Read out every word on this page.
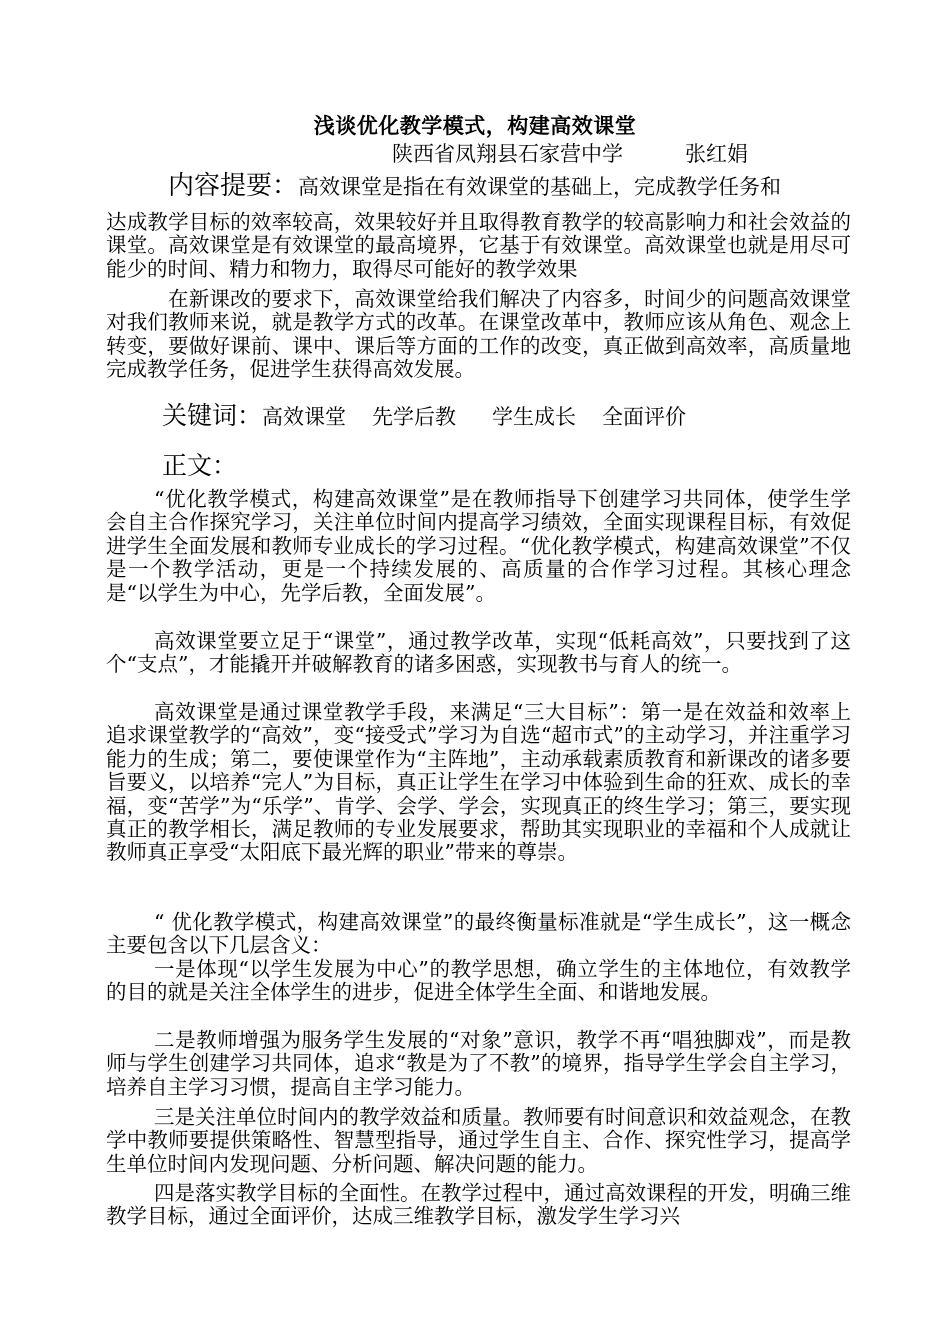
浅谈优化教学模式，构建高效课堂
陕西省凤翔县石家营中学	张红娟
内容提要：高效课堂是指在有效课堂的基础上，完成教学任务和

达成教学目标的效率较高，效果较好并且取得教育教学的较高影响力和社会效益的课堂。高效课堂是有效课堂的最高境界，它基于有效课堂。高效课堂也就是用尽可能少的时间、精力和物力，取得尽可能好的教学效果

在新课改的要求下，高效课堂给我们解决了内容多，时间少的问题高效课堂对我们教师来说，就是教学方式的改革。在课堂改革中，教师应该从角色、观念上转变，要做好课前、课中、课后等方面的工作的改变，真正做到高效率，高质量地完成教学任务，促进学生获得高效发展。

关键词：高效课堂 先学后教 学生成长 全面评价
正文：

“优化教学模式，构建高效课堂”是在教师指导下创建学习共同体，使学生学会自主合作探究学习，关注单位时间内提高学习绩效，全面实现课程目标，有效促进学生全面发展和教师专业成长的学习过程。“优化教学模式，构建高效课堂”不仅是一个教学活动，更是一个持续发展的、高质量的合作学习过程。其核心理念是“以学生为中心，先学后教，全面发展”。

高效课堂要立足于“课堂”，通过教学改革，实现“低耗高效”，只要找到了这个“支点”，才能撬开并破解教育的诸多困惑，实现教书与育人的统一。

高效课堂是通过课堂教学手段，来满足“三大目标”：第一是在效益和效率上追求课堂教学的“高效”，变“接受式”学习为自选“超市式”的主动学习，并注重学习能力的生成；第二，要使课堂作为“主阵地”，主动承载素质教育和新课改的诸多要旨要义，以培养“完人”为目标，真正让学生在学习中体验到生命的狂欢、成长的幸福，变“苦学”为“乐学”、肯学、会学、学会，实现真正的终生学习；第三，要实现真正的教学相长，满足教师的专业发展要求，帮助其实现职业的幸福和个人成就让教师真正享受“太阳底下最光辉的职业”带来的尊崇。

“ 优化教学模式，构建高效课堂”的最终衡量标准就是“学生成长”，这一概念主要包含以下几层含义：

一是体现“以学生发展为中心”的教学思想，确立学生的主体地位，有效教学的目的就是关注全体学生的进步，促进全体学生全面、和谐地发展。

二是教师增强为服务学生发展的“对象”意识，教学不再“唱独脚戏”，而是教师与学生创建学习共同体，追求“教是为了不教”的境界，指导学生学会自主学习，培养自主学习习惯，提高自主学习能力。

三是关注单位时间内的教学效益和质量。教师要有时间意识和效益观念，在教学中教师要提供策略性、智慧型指导，通过学生自主、合作、探究性学习，提高学生单位时间内发现问题、分析问题、解决问题的能力。

四是落实教学目标的全面性。在教学过程中，通过高效课程的开发，明确三维教学目标，通过全面评价，达成三维教学目标，激发学生学习兴
